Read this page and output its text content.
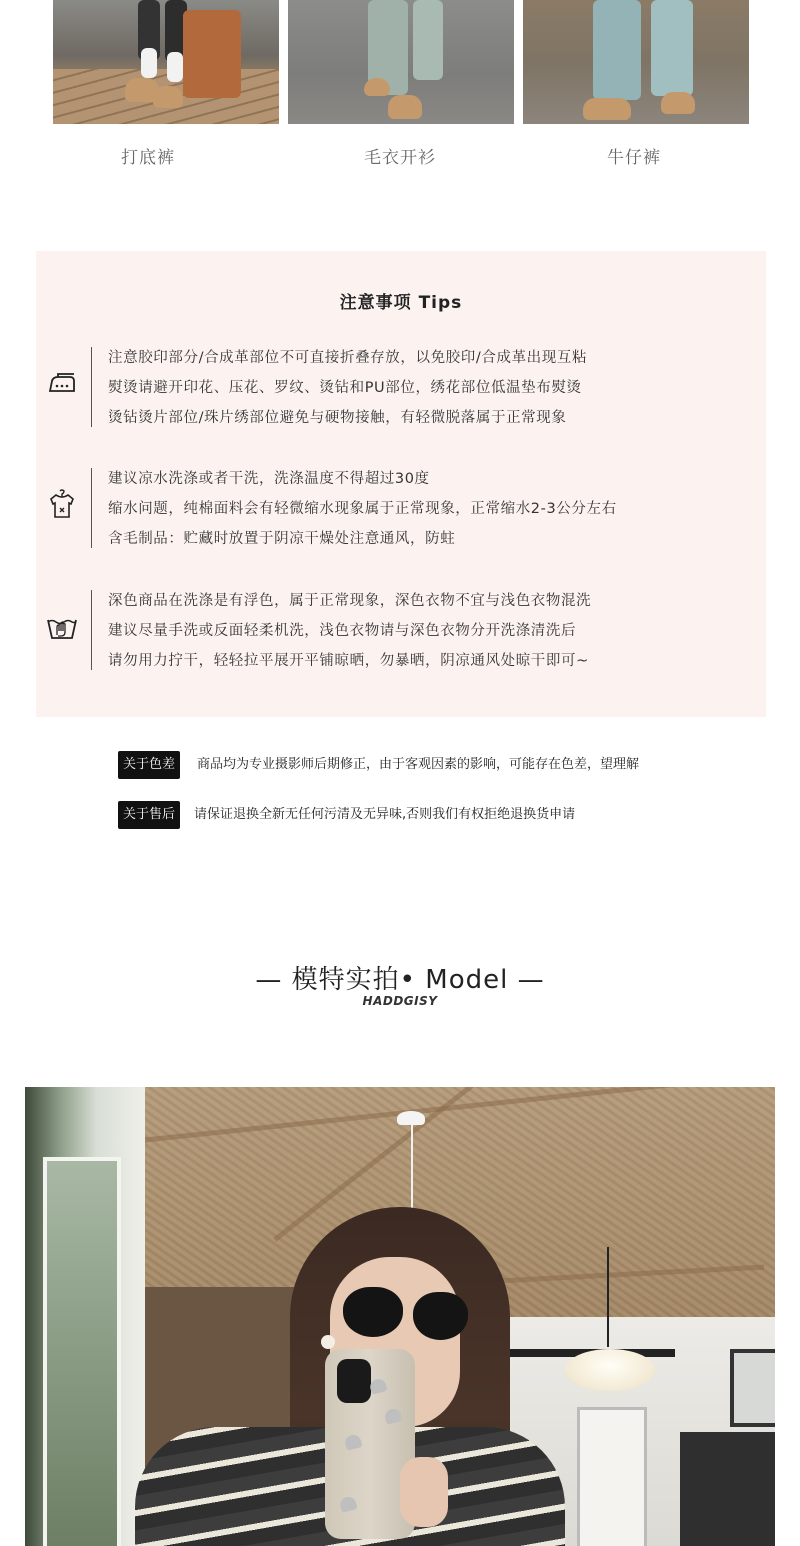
打底裤	毛衣开衫	牛仔裤
注意事项 Tips
注意胶印部分/合成革部位不可直接折叠存放，以免胶印/合成革出现互粘
熨烫请避开印花、压花、罗纹、烫钻和PU部位，绣花部位低温垫布熨烫
烫钻烫片部位/珠片绣部位避免与硬物接触，有轻微脱落属于正常现象
建议凉水洗涤或者干洗，洗涤温度不得超过30度
缩水问题，纯棉面料会有轻微缩水现象属于正常现象，正常缩水2-3公分左右
含毛制品：贮藏时放置于阴凉干燥处注意通风，防蛀
深色商品在洗涤是有浮色，属于正常现象，深色衣物不宜与浅色衣物混洗
建议尽量手洗或反面轻柔机洗，浅色衣物请与深色衣物分开洗涤清洗后
请勿用力拧干，轻轻拉平展开平铺晾晒，勿暴晒，阴凉通风处晾干即可~
关于色差	商品均为专业摄影师后期修正，由于客观因素的影响，可能存在色差，望理解
关于售后	请保证退换全新无任何污清及无异味,否则我们有权拒绝退换货申请
— 模特实拍• Model —
HADDGISY
